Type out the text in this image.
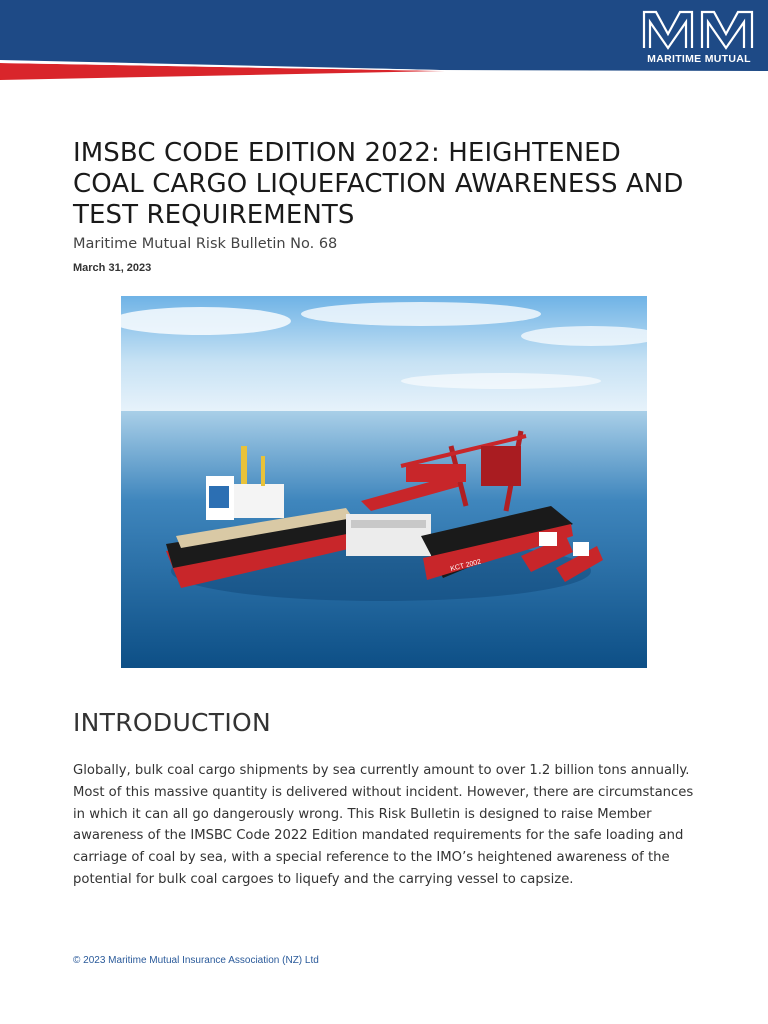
MARITIME MUTUAL
IMSBC CODE EDITION 2022: HEIGHTENED COAL CARGO LIQUEFACTION AWARENESS AND TEST REQUIREMENTS
Maritime Mutual Risk Bulletin No. 68

March 31, 2023

KCT 2002
INTRODUCTION

Globally, bulk coal cargo shipments by sea currently amount to over 1.2 billion tons annually. Most of this massive quantity is delivered without incident. However, there are circumstances in which it can all go dangerously wrong. This Risk Bulletin is designed to raise Member awareness of the IMSBC Code 2022 Edition mandated requirements for the safe loading and carriage of coal by sea, with a special reference to the IMO’s heightened awareness of the potential for bulk coal cargoes to liquefy and the carrying vessel to capsize.

© 2023 Maritime Mutual Insurance Association (NZ) Ltd
